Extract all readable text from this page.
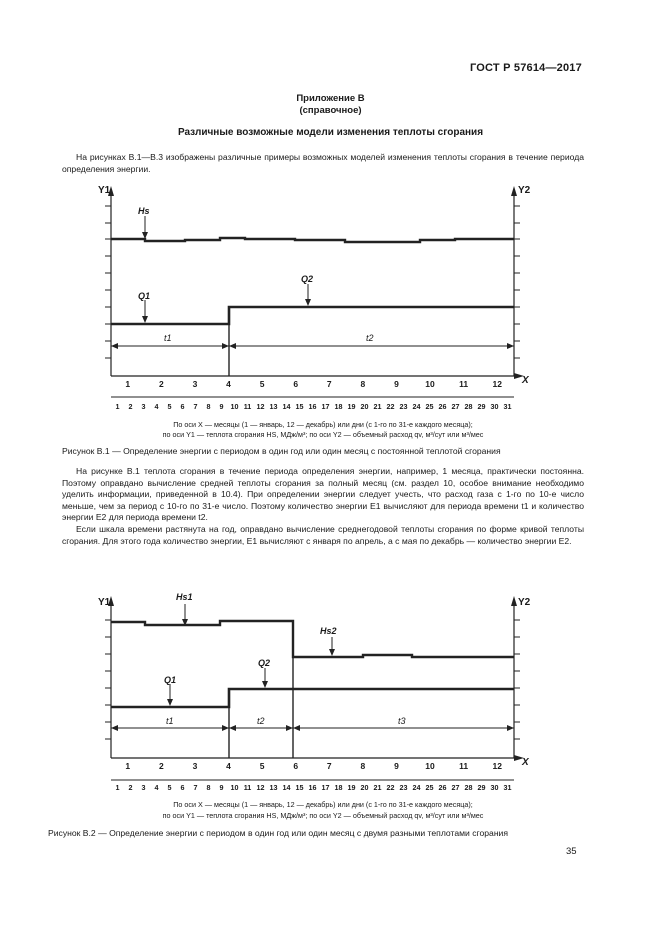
ГОСТ Р 57614—2017
Приложение В
(справочное)
Различные возможные модели изменения теплоты сгорания
На рисунках В.1—В.3 изображены различные примеры возможных моделей изменения теплоты сгорания в течение периода определения энергии.
Y1	Y2
X
Hs
Q1
Q2
t1	t2
1	2	3	4	5	6	7	8	9	10	11	12
1	2	3	4	5	6	7	8	9 10 11 12 13 14 15 16 17 18 19 20 21 22 23 24 25 26 27 28 29 30 31
По оси X — месяцы (1 — январь, 12 — декабрь) или дни (с 1-го по 31-е каждого месяца);
по оси Y1 — теплота сгорания HS, МДж/м³; по оси Y2 — объемный расход qv, м³/сут или м³/мес
Рисунок В.1 — Определение энергии с периодом в один год или один месяц с постоянной теплотой сгорания
На рисунке В.1 теплота сгорания в течение периода определения энергии, например, 1 месяца, практически постоянна. Поэтому оправдано вычисление средней теплоты сгорания за полный месяц (см. раздел 10, особое внимание необходимо уделить информации, приведенной в 10.4). При определении энергии следует учесть, что расход газа с 1-го по 10-е число меньше, чем за период с 10-го по 31-е число. Поэтому количество энергии E1 вычисляют для периода времени t1 и количество энергии E2 для периода времени t2.
Если шкала времени растянута на год, оправдано вычисление среднегодовой теплоты сгорания по форме кривой теплоты сгорания. Для этого года количество энергии, E1 вычисляют с января по апрель, а с мая по декабрь — количество энергии E2.
Y1	Y2
X
Hs1
Hs2
Q1
Q2
t1	t2	t3
1	2	3	4	5	6	7	8	9	10	11	12
1	2	3	4	5	6	7	8	9 10 11 12 13 14 15 16 17 18 19 20 21 22 23 24 25 26 27 28 29 30 31
По оси X — месяцы (1 — январь, 12 — декабрь) или дни (с 1-го по 31-е каждого месяца);
по оси Y1 — теплота сгорания HS, МДж/м³; по оси Y2 — объемный расход qv, м³/сут или м³/мес
Рисунок В.2 — Определение энергии с периодом в один год или один месяц с двумя разными теплотами сгорания
35
